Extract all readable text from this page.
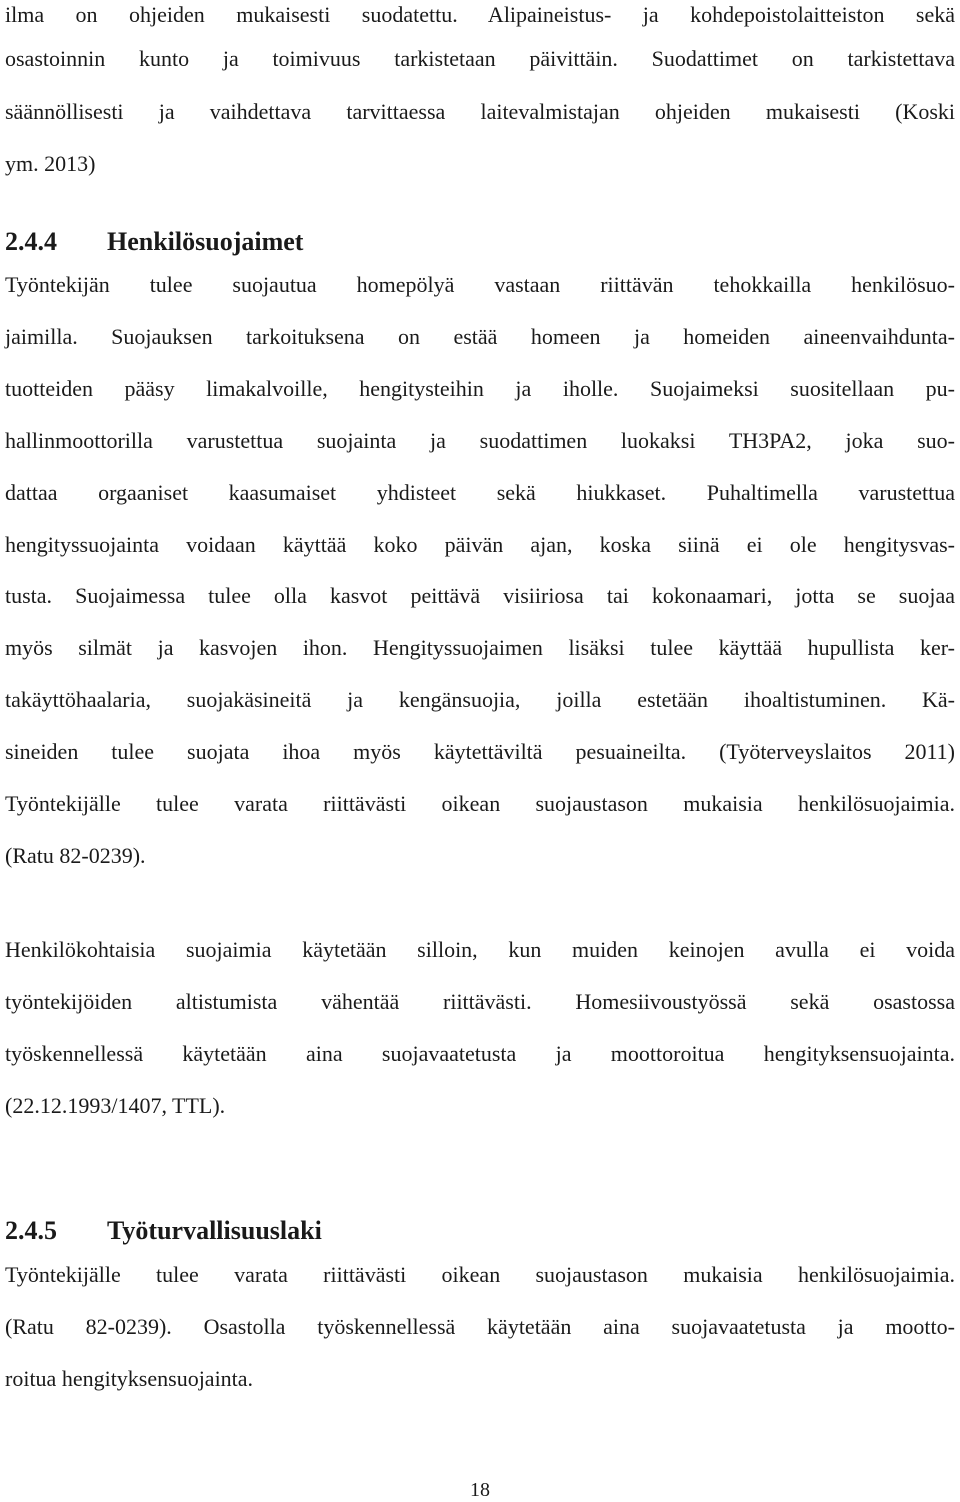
ilma on ohjeiden mukaisesti suodatettu. Alipaineistus- ja kohdepoistolaitteiston sekä
osastoinnin kunto ja toimivuus tarkistetaan päivittäin. Suodattimet on tarkistettava
säännöllisesti ja vaihdettava tarvittaessa laitevalmistajan ohjeiden mukaisesti (Koski
ym. 2013)
2.4.4 Henkilösuojaimet
Työntekijän tulee suojautua homepölyä vastaan riittävän tehokkailla henkilösuo-
jaimilla. Suojauksen tarkoituksena on estää homeen ja homeiden aineenvaihdunta-
tuotteiden pääsy limakalvoille, hengitysteihin ja iholle. Suojaimeksi suositellaan pu-
hallinmoottorilla varustettua suojainta ja suodattimen luokaksi TH3PA2, joka suo-
dattaa orgaaniset kaasumaiset yhdisteet sekä hiukkaset. Puhaltimella varustettua
hengityssuojainta voidaan käyttää koko päivän ajan, koska siinä ei ole hengitysvas-
tusta. Suojaimessa tulee olla kasvot peittävä visiiriosa tai kokonaamari, jotta se suojaa
myös silmät ja kasvojen ihon. Hengityssuojaimen lisäksi tulee käyttää hupullista ker-
takäyttöhaalaria, suojakäsineitä ja kengänsuojia, joilla estetään ihoaltistuminen. Kä-
sineiden tulee suojata ihoa myös käytettäviltä pesuaineilta. (Työterveyslaitos 2011)
Työntekijälle tulee varata riittävästi oikean suojaustason mukaisia henkilösuojaimia.
(Ratu 82-0239).
Henkilökohtaisia suojaimia käytetään silloin, kun muiden keinojen avulla ei voida
työntekijöiden altistumista vähentää riittävästi. Homesiivoustyössä sekä osastossa
työskennellessä käytetään aina suojavaatetusta ja moottoroitua hengityksensuojainta.
(22.12.1993/1407, TTL).
2.4.5 Työturvallisuuslaki
Työntekijälle tulee varata riittävästi oikean suojaustason mukaisia henkilösuojaimia.
(Ratu 82-0239). Osastolla työskennellessä käytetään aina suojavaatetusta ja mootto-
roitua hengityksensuojainta.
18
